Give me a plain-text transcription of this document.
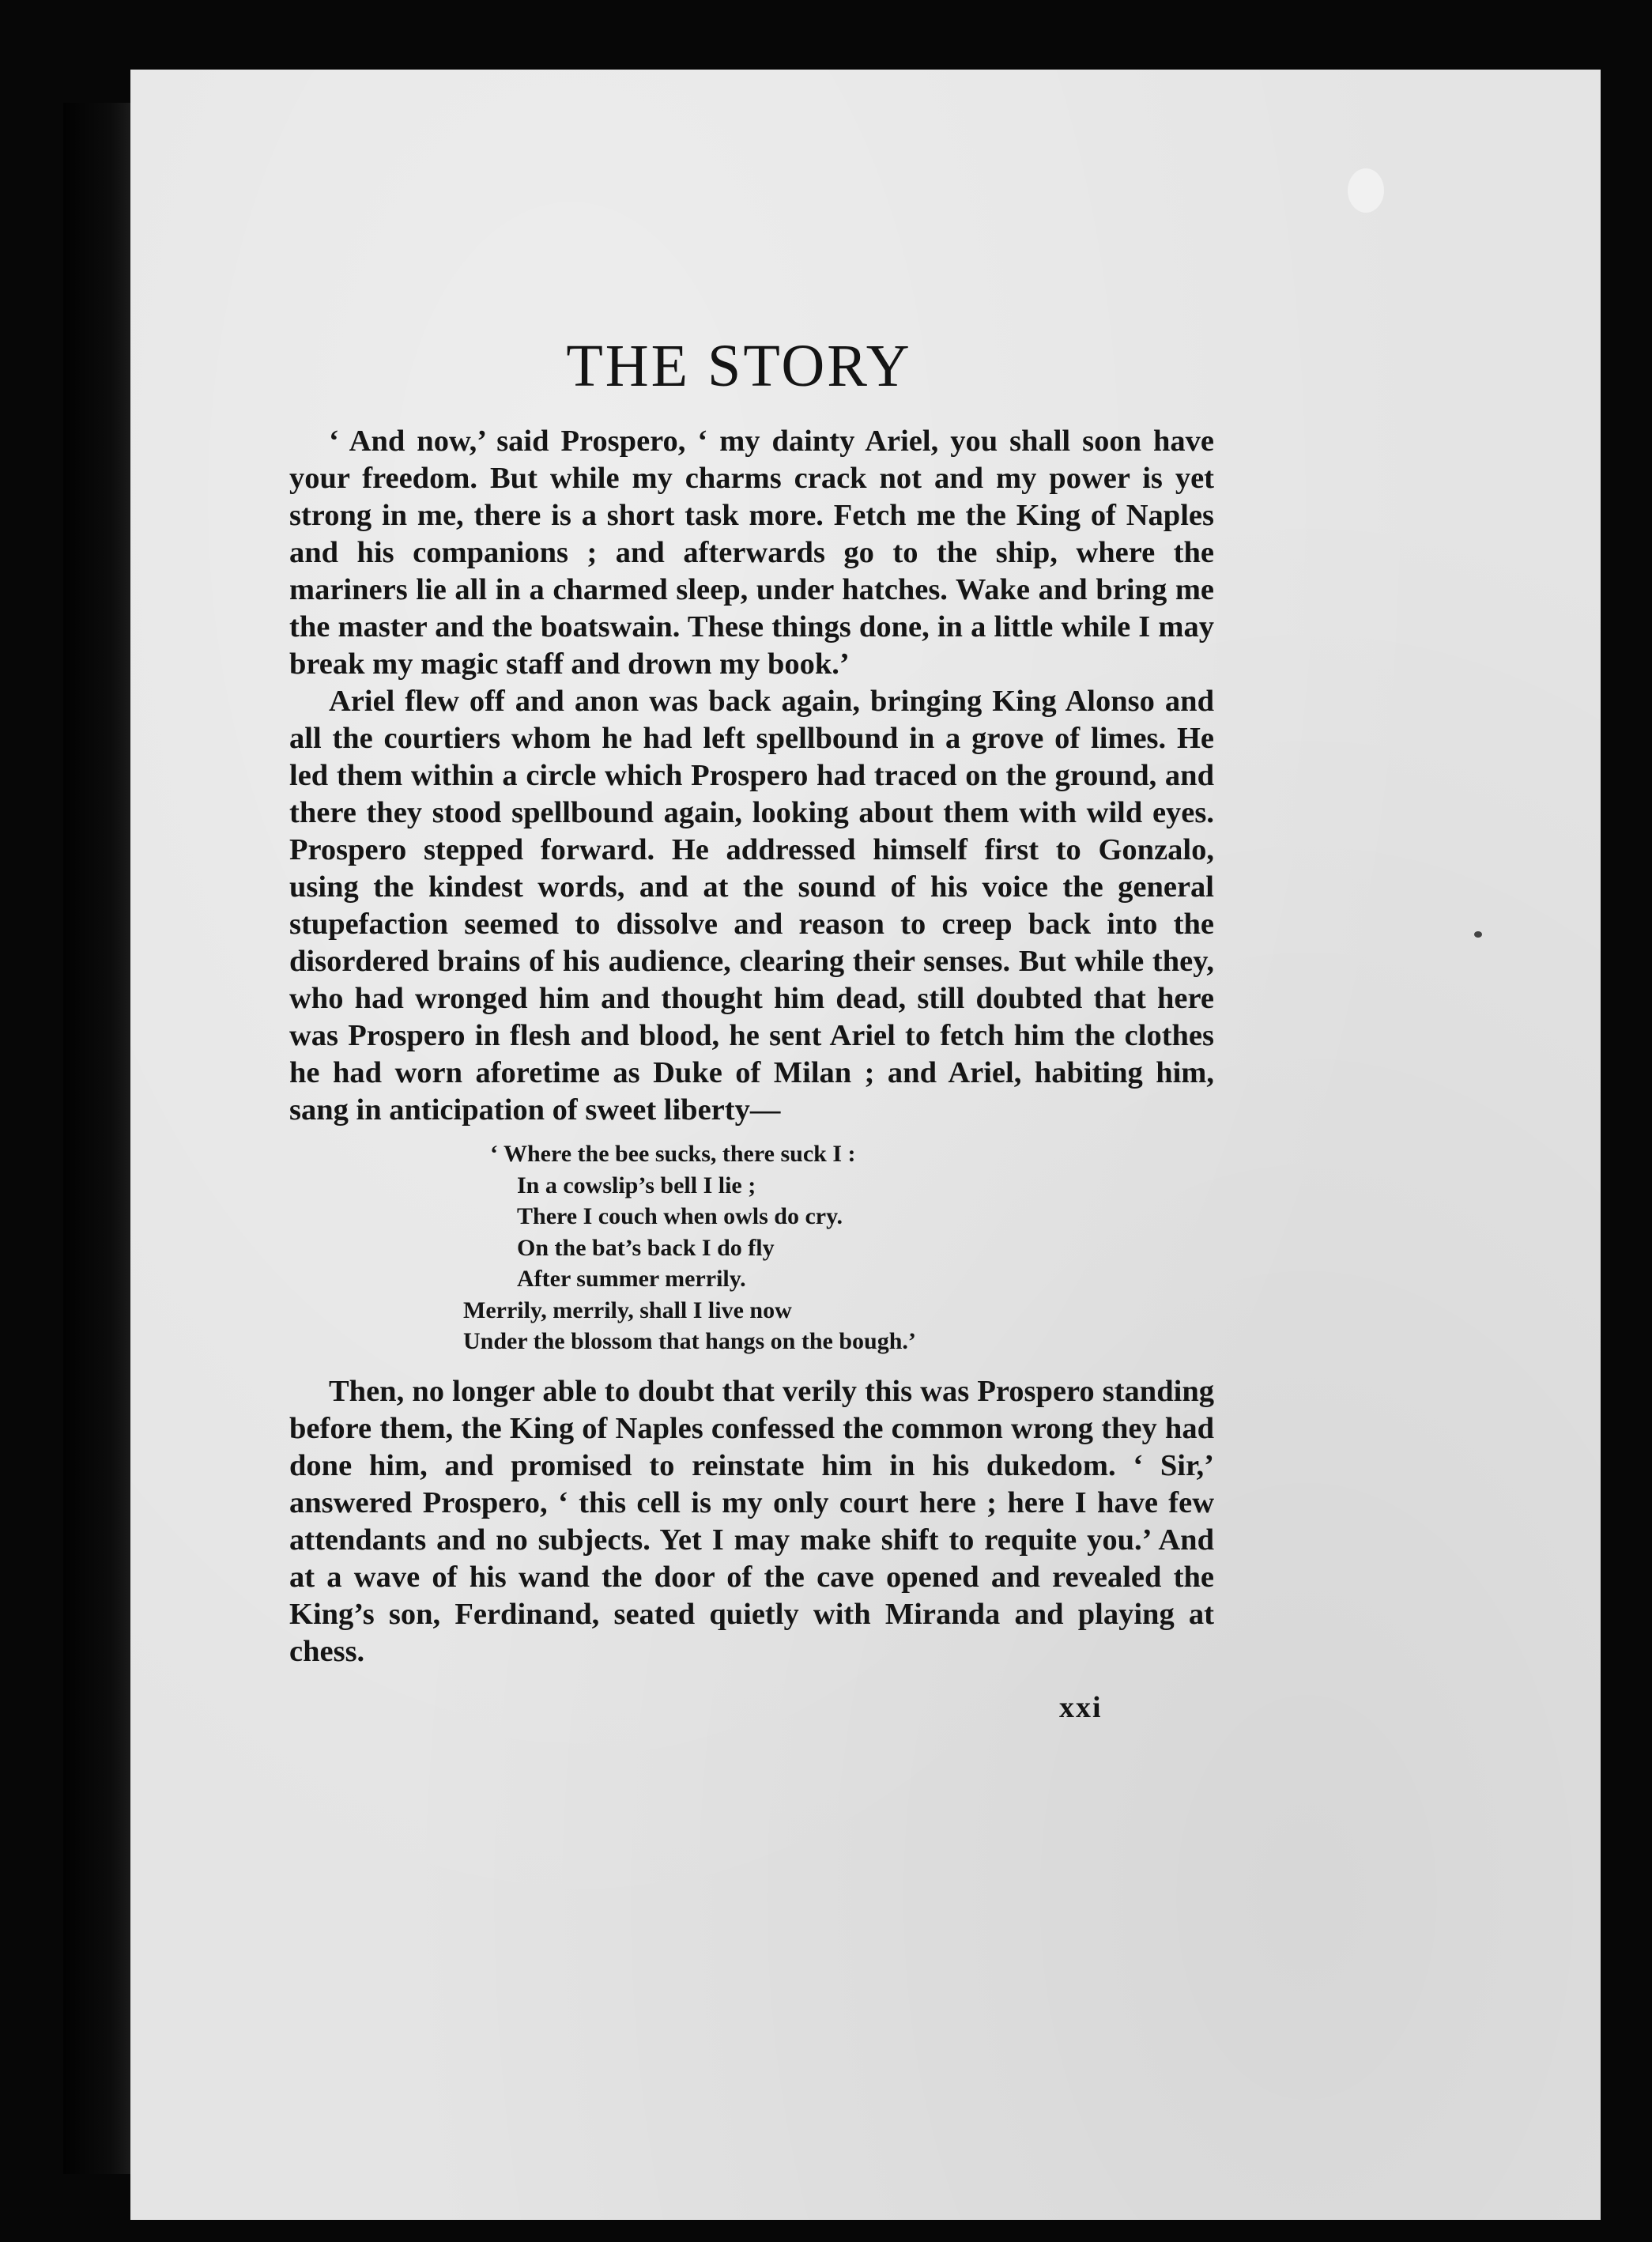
THE STORY

‘ And now,’ said Prospero, ‘ my dainty Ariel, you shall soon have your freedom. But while my charms crack not and my power is yet strong in me, there is a short task more. Fetch me the King of Naples and his companions ; and afterwards go to the ship, where the mariners lie all in a charmed sleep, under hatches. Wake and bring me the master and the boatswain. These things done, in a little while I may break my magic staff and drown my book.’

Ariel flew off and anon was back again, bringing King Alonso and all the courtiers whom he had left spellbound in a grove of limes. He led them within a circle which Prospero had traced on the ground, and there they stood spellbound again, looking about them with wild eyes. Prospero stepped forward. He addressed himself first to Gonzalo, using the kindest words, and at the sound of his voice the general stupefaction seemed to dissolve and reason to creep back into the disordered brains of his audience, clearing their senses. But while they, who had wronged him and thought him dead, still doubted that here was Prospero in flesh and blood, he sent Ariel to fetch him the clothes he had worn aforetime as Duke of Milan ; and Ariel, habiting him, sang in anticipation of sweet liberty—

‘ Where the bee sucks, there suck I :
In a cowslip’s bell I lie ;
There I couch when owls do cry.
On the bat’s back I do fly
After summer merrily.
Merrily, merrily, shall I live now
Under the blossom that hangs on the bough.’

Then, no longer able to doubt that verily this was Prospero standing before them, the King of Naples confessed the common wrong they had done him, and promised to reinstate him in his dukedom. ‘ Sir,’ answered Prospero, ‘ this cell is my only court here ; here I have few attendants and no subjects. Yet I may make shift to requite you.’ And at a wave of his wand the door of the cave opened and revealed the King’s son, Ferdinand, seated quietly with Miranda and playing at chess.

xxi
